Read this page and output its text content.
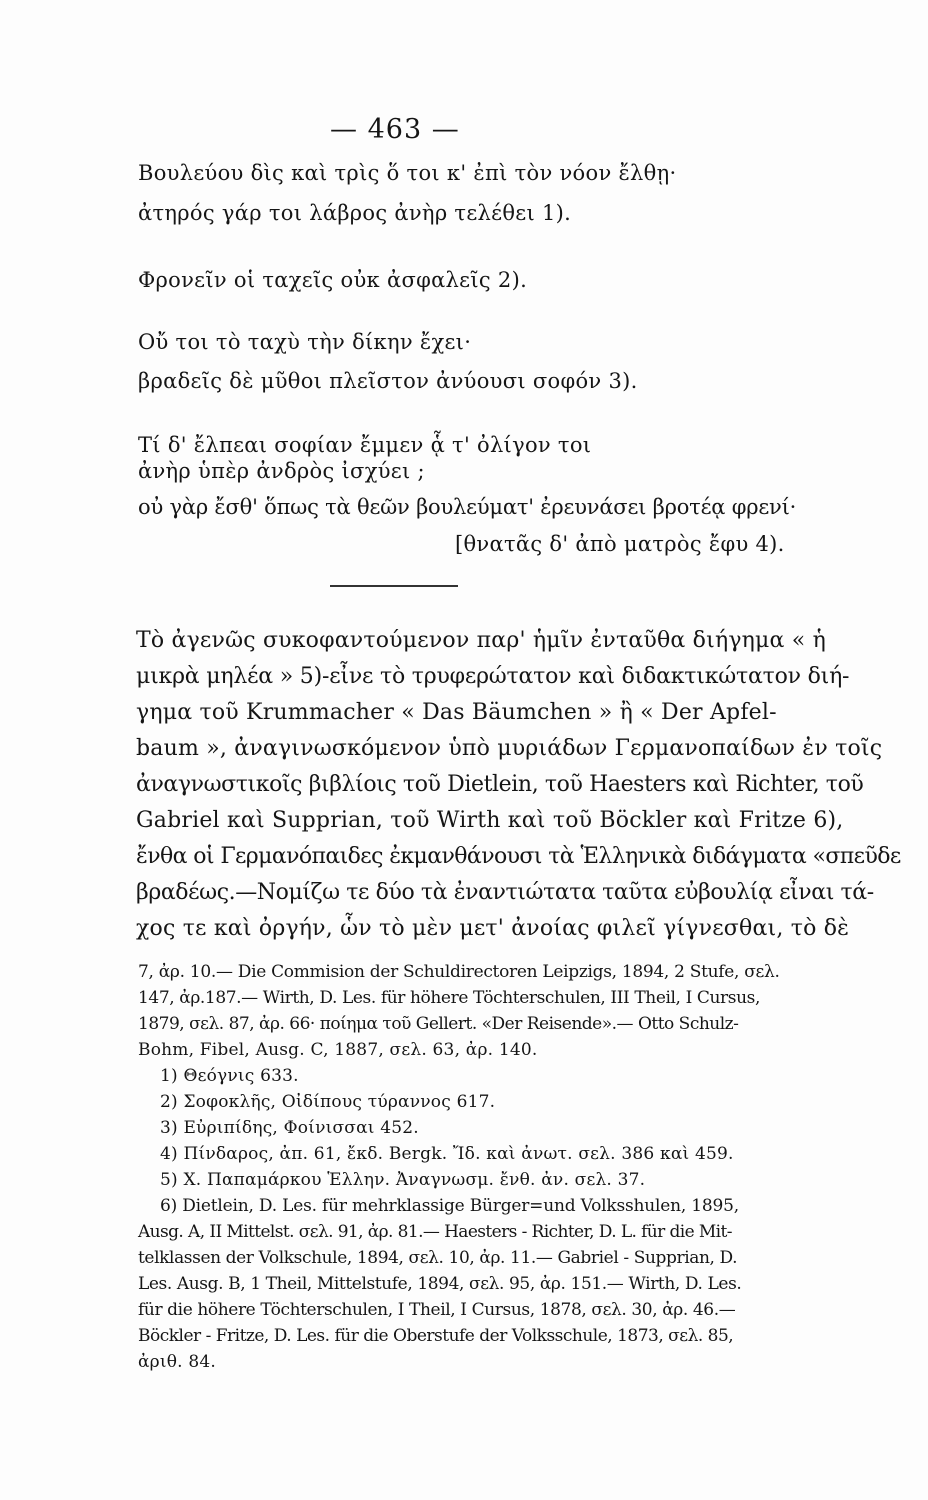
— 463 —
Βουλεύου δὶς καὶ τρὶς ὅ τοι κ' ἐπὶ τὸν νόον ἔλθῃ·
ἀτηρός γάρ τοι λάβρος ἀνὴρ τελέθει 1).
Φρονεῖν οἱ ταχεῖς οὐκ ἀσφαλεῖς 2).
Οὔ τοι τὸ ταχὺ τὴν δίκην ἔχει·
βραδεῖς δὲ μῦθοι πλεῖστον ἀνύουσι σοφόν 3).
Τί δ' ἔλπεαι σοφίαν ἔμμεν ᾇ τ' ὀλίγον τοι
ἀνὴρ ὑπὲρ ἀνδρὸς ἰσχύει ;
οὐ γὰρ ἔσθ' ὅπως τὰ θεῶν βουλεύματ' ἐρευνάσει βροτέᾳ φρενί·
[θνατᾶς δ' ἀπὸ ματρὸς ἔφυ 4).
Τὸ ἀγενῶς συκοφαντούμενον παρ' ἡμῖν ἐνταῦθα διήγημα « ἡ
μικρὰ μηλέα » 5)-εἶνε τὸ τρυφερώτατον καὶ διδακτικώτατον διή-
γημα τοῦ Krummacher « Das Bäumchen » ἢ « Der Apfel-
baum », ἀναγινωσκόμενον ὑπὸ μυριάδων Γερμανοπαίδων ἐν τοῖς
ἀναγνωστικοῖς βιβλίοις τοῦ Dietlein, τοῦ Haesters καὶ Richter, τοῦ
Gabriel καὶ Supprian, τοῦ Wirth καὶ τοῦ Böckler καὶ Fritze 6),
ἔνθα οἱ Γερμανόπαιδες ἐκμανθάνουσι τὰ Ἑλληνικὰ διδάγματα «σπεῦδε
βραδέως.—Νομίζω τε δύο τὰ ἐναντιώτατα ταῦτα εὐβουλίᾳ εἶναι τά-
χος τε καὶ ὀργήν, ὧν τὸ μὲν μετ' ἀνοίας φιλεῖ γίγνεσθαι, τὸ δὲ
7, ἀρ. 10.— Die Commision der Schuldirectoren Leipzigs, 1894, 2 Stufe, σελ.
147, ἀρ.187.— Wirth, D. Les. für höhere Töchterschulen, III Theil, I Cursus,
1879, σελ. 87, ἀρ. 66· ποίημα τοῦ Gellert. «Der Reisende».— Otto Schulz-
Bohm, Fibel, Ausg. C, 1887, σελ. 63, ἀρ. 140.
1) Θεόγνις 633.
2) Σοφοκλῆς, Οἰδίπους τύραννος 617.
3) Εὐριπίδης, Φοίνισσαι 452.
4) Πίνδαρος, ἀπ. 61, ἔκδ. Bergk. Ἴδ. καὶ ἀνωτ. σελ. 386 καὶ 459.
5) Χ. Παπαμάρκου Ἑλλην. Ἀναγνωσμ. ἔνθ. ἀν. σελ. 37.
6) Dietlein, D. Les. für mehrklassige Bürger=und Volksshulen, 1895,
Ausg. A, II Mittelst. σελ. 91, ἀρ. 81.— Haesters - Richter, D. L. für die Mit-
telklassen der Volkschule, 1894, σελ. 10, ἀρ. 11.— Gabriel - Supprian, D.
Les. Ausg. B, 1 Theil, Mittelstufe, 1894, σελ. 95, ἀρ. 151.— Wirth, D. Les.
für die höhere Töchterschulen, I Theil, I Cursus, 1878, σελ. 30, ἀρ. 46.—
Böckler - Fritze, D. Les. für die Oberstufe der Volksschule, 1873, σελ. 85,
ἀριθ. 84.
